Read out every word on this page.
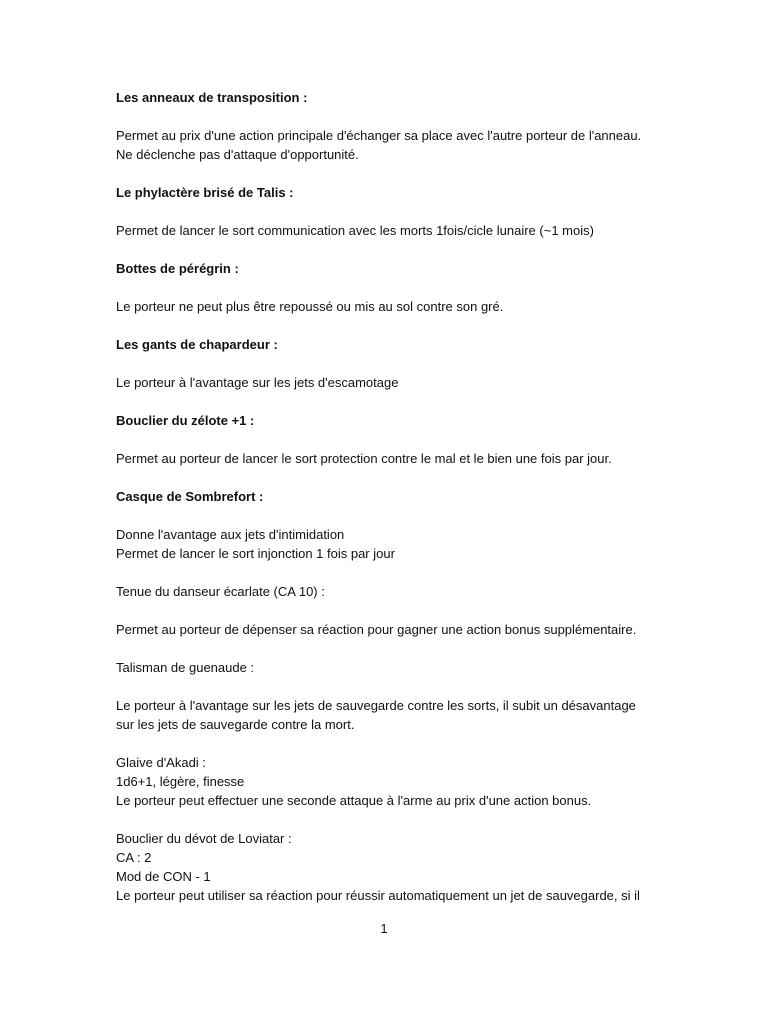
Les anneaux de transposition :
Permet au prix d'une action principale d'échanger sa place avec l'autre porteur de l'anneau.
Ne déclenche pas d'attaque d'opportunité.
Le phylactère brisé de Talis :
Permet de lancer le sort communication avec les morts 1fois/cicle lunaire (~1 mois)
Bottes de pérégrin :
Le porteur ne peut plus être repoussé ou mis au sol contre son gré.
Les gants de chapardeur :
Le porteur à l'avantage sur les jets d'escamotage
Bouclier du zélote +1 :
Permet au porteur de lancer le sort protection contre le mal et le bien une fois par jour.
Casque de Sombrefort :
Donne l'avantage aux jets d'intimidation
Permet de lancer le sort injonction 1 fois par jour
Tenue du danseur écarlate (CA 10) :
Permet au porteur de dépenser sa réaction pour gagner une action bonus supplémentaire.
Talisman de guenaude :
Le porteur à l'avantage sur les jets de sauvegarde contre les sorts, il subit un désavantage
sur les jets de sauvegarde contre la mort.
Glaive d'Akadi :
1d6+1, légère, finesse
Le porteur peut effectuer une seconde attaque à l'arme au prix d'une action bonus.
Bouclier du dévot de Loviatar :
CA : 2
Mod de CON - 1
Le porteur peut utiliser sa réaction pour réussir automatiquement un jet de sauvegarde, si il
1
